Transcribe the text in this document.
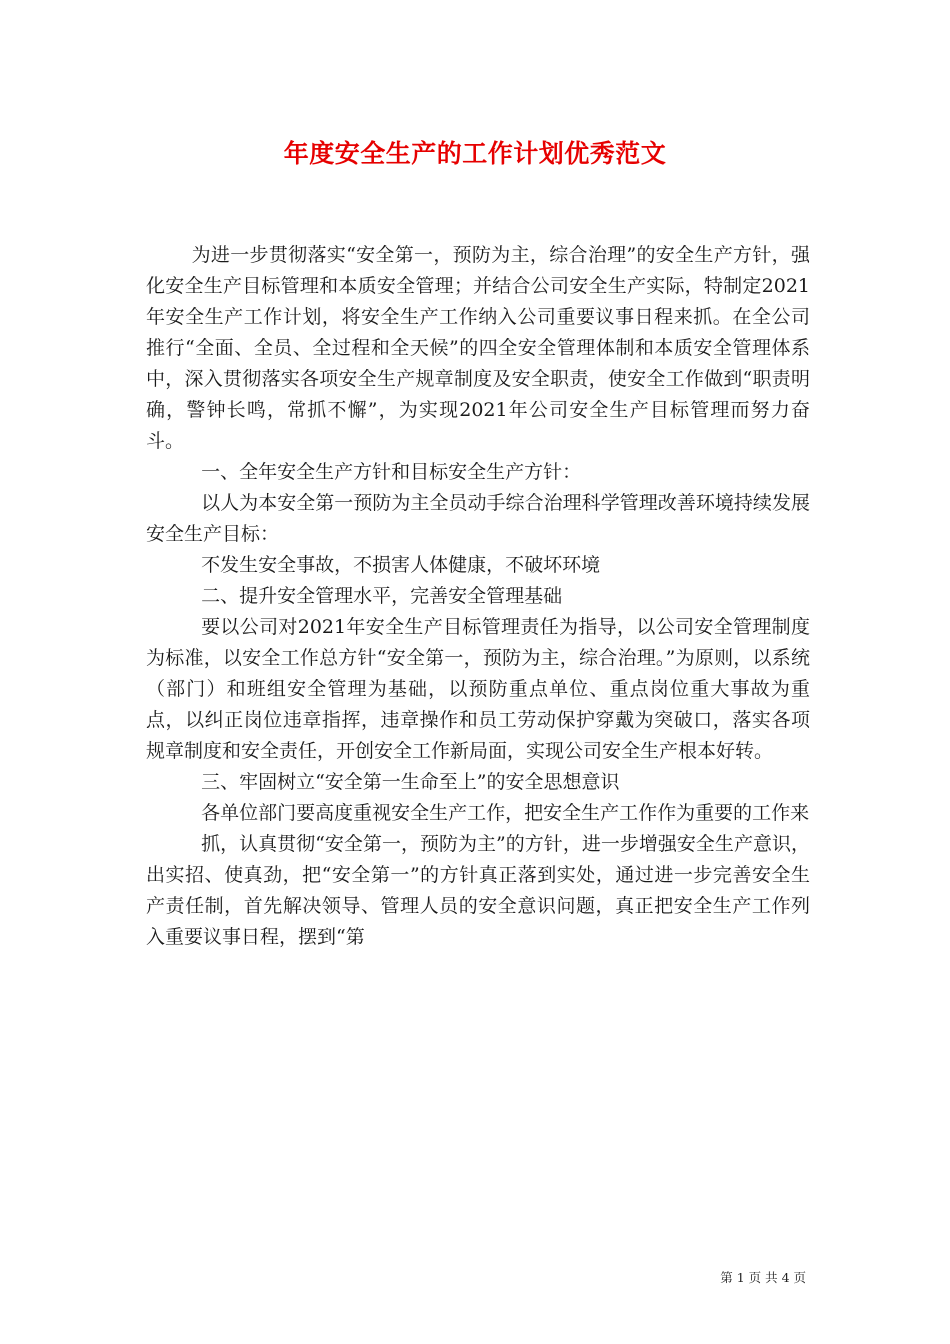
年度安全生产的工作计划优秀范文

为进一步贯彻落实“安全第一，预防为主，综合治理”的安全生产方针，强化安全生产目标管理和本质安全管理；并结合公司安全生产实际，特制定2021年安全生产工作计划，将安全生产工作纳入公司重要议事日程来抓。在全公司推行“全面、全员、全过程和全天候”的四全安全管理体制和本质安全管理体系中，深入贯彻落实各项安全生产规章制度及安全职责，使安全工作做到“职责明确，警钟长鸣，常抓不懈”，为实现2021年公司安全生产目标管理而努力奋斗。

一、全年安全生产方针和目标安全生产方针：

以人为本安全第一预防为主全员动手综合治理科学管理改善环境持续发展安全生产目标：

不发生安全事故，不损害人体健康，不破坏环境

二、提升安全管理水平，完善安全管理基础

要以公司对2021年安全生产目标管理责任为指导，以公司安全管理制度为标准，以安全工作总方针“安全第一，预防为主，综合治理。”为原则，以系统（部门）和班组安全管理为基础，以预防重点单位、重点岗位重大事故为重点，以纠正岗位违章指挥，违章操作和员工劳动保护穿戴为突破口，落实各项规章制度和安全责任，开创安全工作新局面，实现公司安全生产根本好转。

三、牢固树立“安全第一生命至上”的安全思想意识

各单位部门要高度重视安全生产工作，把安全生产工作作为重要的工作来

抓，认真贯彻“安全第一，预防为主”的方针，进一步增强安全生产意识，出实招、使真劲，把“安全第一”的方针真正落到实处，通过进一步完善安全生产责任制，首先解决领导、管理人员的安全意识问题，真正把安全生产工作列入重要议事日程，摆到“第

第 1 页 共 4 页
